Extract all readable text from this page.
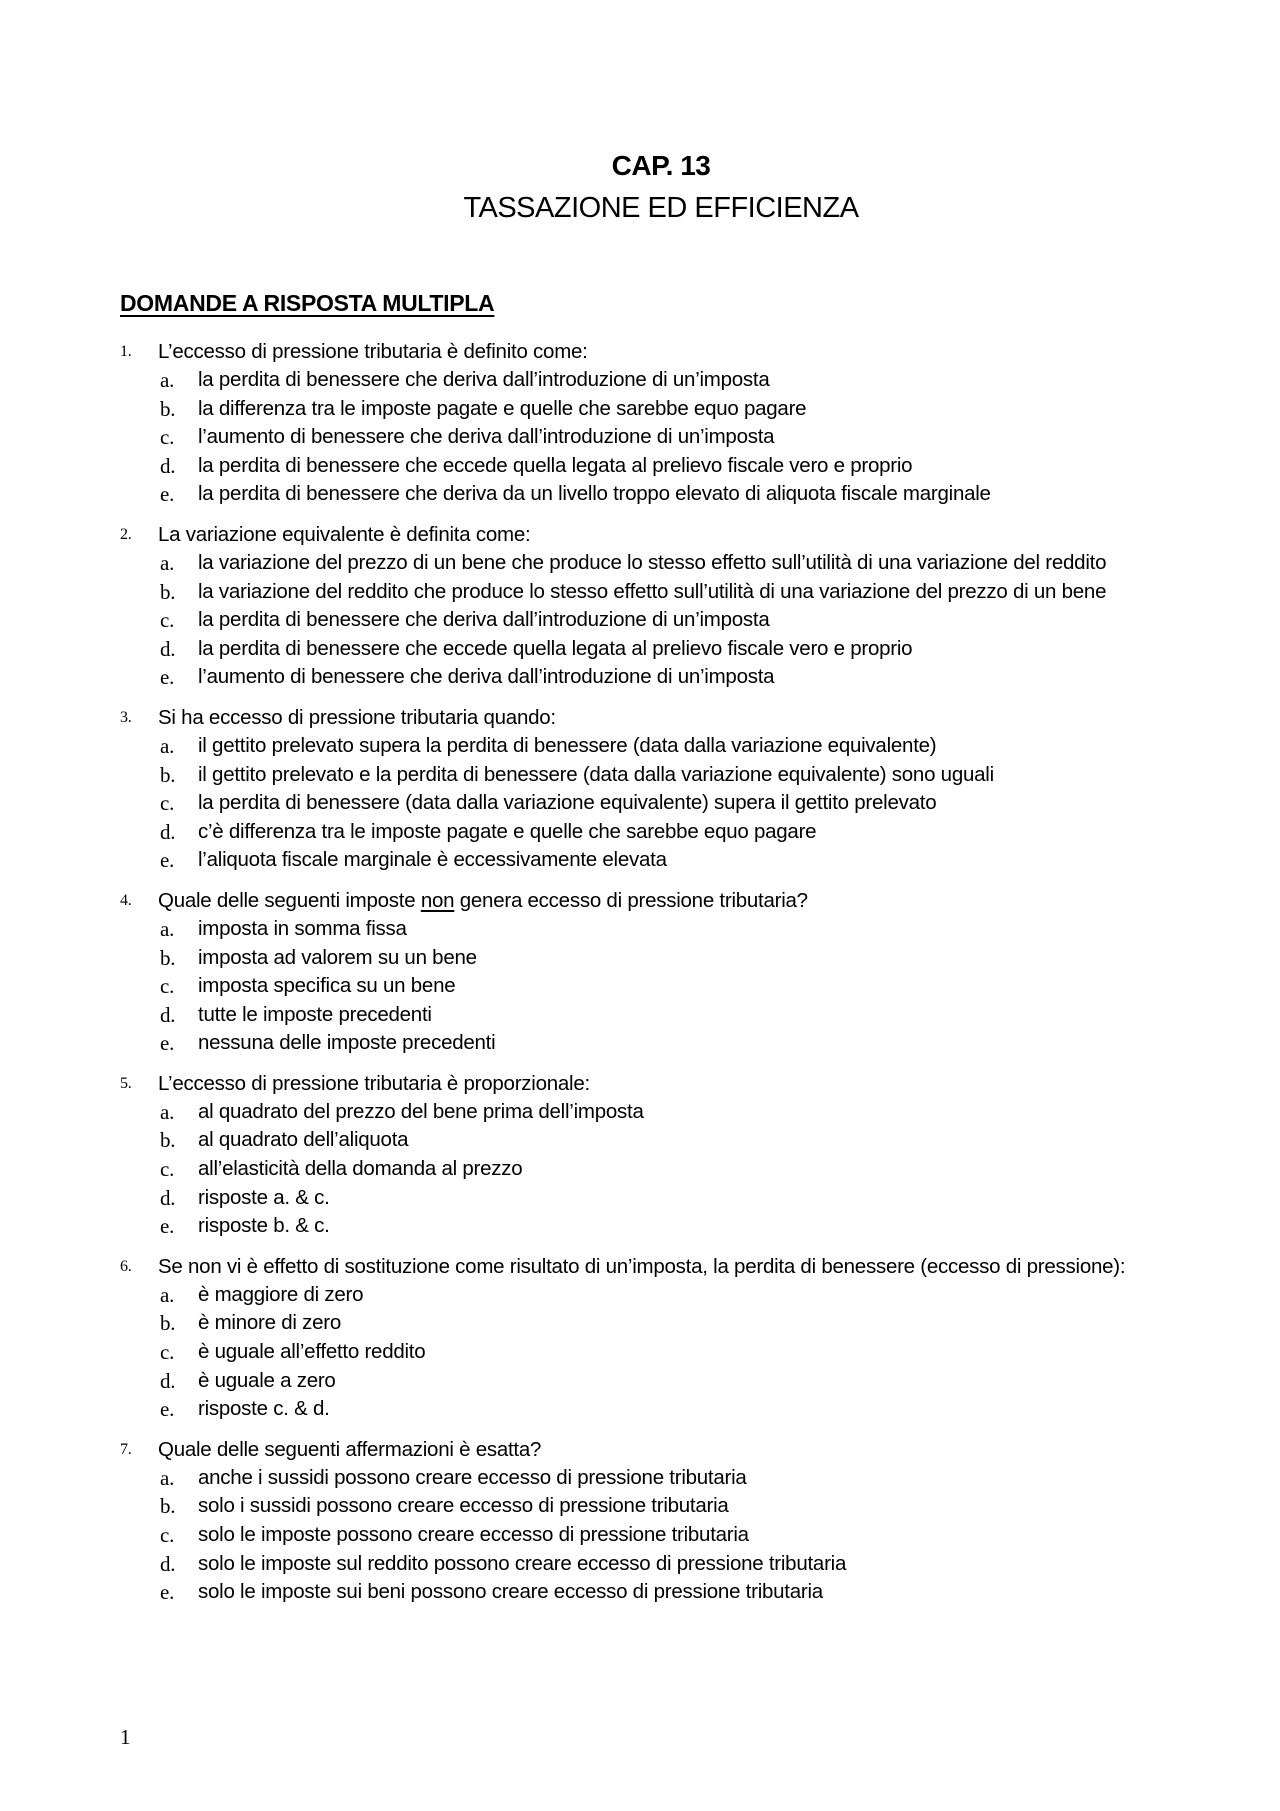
CAP. 13
TASSAZIONE ED EFFICIENZA
DOMANDE A RISPOSTA MULTIPLA
1.	L’eccesso di pressione tributaria è definito come:
a. la perdita di benessere che deriva dall’introduzione di un’imposta
b. la differenza tra le imposte pagate e quelle che sarebbe equo pagare
c. l’aumento di benessere che deriva dall’introduzione di un’imposta
d. la perdita di benessere che eccede quella legata al prelievo fiscale vero e proprio
e. la perdita di benessere che deriva da un livello troppo elevato di aliquota fiscale marginale
2.	La variazione equivalente è definita come:
a. la variazione del prezzo di un bene che produce lo stesso effetto sull’utilità di una variazione del reddito
b. la variazione del reddito che produce lo stesso effetto sull’utilità di una variazione del prezzo di un bene
c. la perdita di benessere che deriva dall’introduzione di un’imposta
d. la perdita di benessere che eccede quella legata al prelievo fiscale vero e proprio
e. l’aumento di benessere che deriva dall’introduzione di un’imposta
3.	Si ha eccesso di pressione tributaria quando:
a. il gettito prelevato supera la perdita di benessere (data dalla variazione equivalente)
b. il gettito prelevato e la perdita di benessere (data dalla variazione equivalente) sono uguali
c. la perdita di benessere (data dalla variazione equivalente) supera il gettito prelevato
d. c’è differenza tra le imposte pagate e quelle che sarebbe equo pagare
e. l’aliquota fiscale marginale è eccessivamente elevata
4.	Quale delle seguenti imposte non genera eccesso di pressione tributaria?
a. imposta in somma fissa
b. imposta ad valorem su un bene
c. imposta specifica su un bene
d. tutte le imposte precedenti
e. nessuna delle imposte precedenti
5.	L’eccesso di pressione tributaria è proporzionale:
a. al quadrato del prezzo del bene prima dell’imposta
b. al quadrato dell’aliquota
c. all’elasticità della domanda al prezzo
d. risposte a. & c.
e. risposte b. & c.
6.	Se non vi è effetto di sostituzione come risultato di un’imposta, la perdita di benessere (eccesso di pressione):
a. è maggiore di zero
b. è minore di zero
c. è uguale all’effetto reddito
d. è uguale a zero
e. risposte c. & d.
7.	Quale delle seguenti affermazioni è esatta?
a. anche i sussidi possono creare eccesso di pressione tributaria
b. solo i sussidi possono creare eccesso di pressione tributaria
c. solo le imposte possono creare eccesso di pressione tributaria
d. solo le imposte sul reddito possono creare eccesso di pressione tributaria
e. solo le imposte sui beni possono creare eccesso di pressione tributaria
1
